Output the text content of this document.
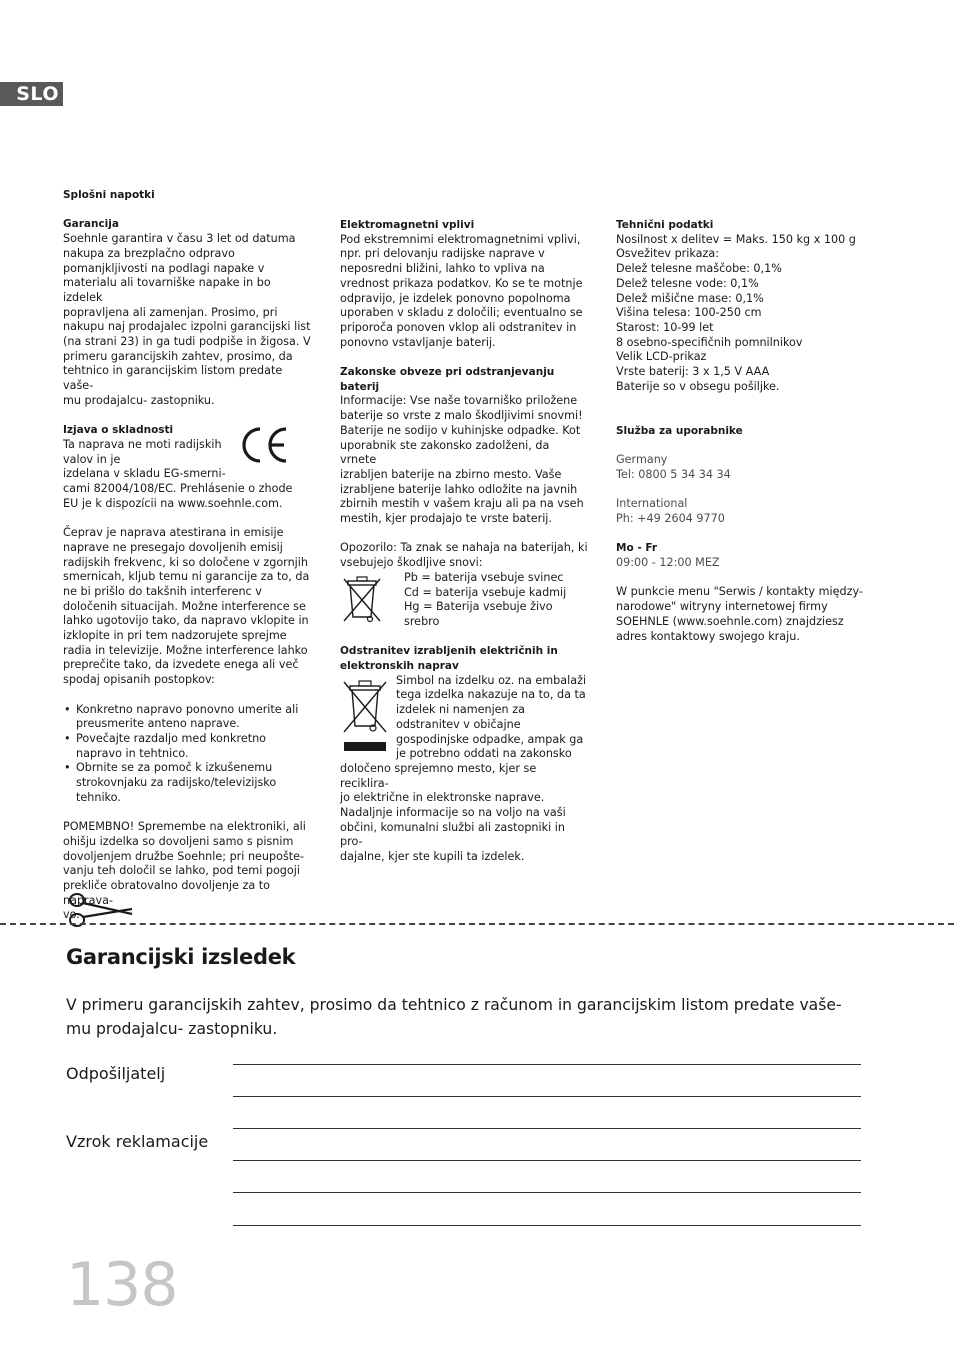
SLO

Splošni napotki

Garancija

Soehnle garantira v času 3 let od datuma

nakupa za brezplačno odpravo

pomanjkljivosti na podlagi napake v

materialu ali tovarniške napake in bo izdelek

popravljena ali zamenjan. Prosimo, pri

nakupu naj prodajalec izpolni garancijski list

(na strani 23) in ga tudi podpiše in žigosa. V

primeru garancijskih zahtev, prosimo, da

tehtnico in garancijskim listom predate vaše-

mu prodajalcu- zastopniku.

Izjava o skladnosti

Ta naprava ne moti radijskih

valov in je

izdelana v skladu EG-smerni-

cami 82004/108/EC. Prehlásenie o zhode

EU je k dispozícii na www.soehnle.com.

Čeprav je naprava atestirana in emisije

naprave ne presegajo dovoljenih emisij

radijskih frekvenc, ki so določene v zgornjih

smernicah, kljub temu ni garancije za to, da

ne bi prišlo do takšnih interferenc v

določenih situacijah. Možne interference se

lahko ugotovijo tako, da napravo vklopite in

izklopite in pri tem nadzorujete sprejme

radia in televizije. Možne interference lahko

preprečite tako, da izvedete enega ali več

spodaj opisanih postopkov:

• Konkretno napravo ponovno umerite ali

preusmerite anteno naprave.

• Povečajte razdaljo med konkretno

napravo in tehtnico.

• Obrnite se za pomoč k izkušenemu

strokovnjaku za radijsko/televizijsko

tehniko.

POMEMBNO! Spremembe na elektroniki, ali

ohišju izdelka so dovoljeni samo s pisnim

dovoljenjem družbe Soehnle; pri neupošte-

vanju teh določil se lahko, pod temi pogoji

prekliče obratovalno dovoljenje za to naprava-

vo.

Elektromagnetni vplivi

Pod ekstremnimi elektromagnetnimi vplivi,

npr. pri delovanju radijske naprave v

neposredni bližini, lahko to vpliva na

vrednost prikaza podatkov. Ko se te motnje

odpravijo, je izdelek ponovno popolnoma

uporaben v skladu z določili; eventualno se

priporoča ponoven vklop ali odstranitev in

ponovno vstavljanje baterij.

Zakonske obveze pri odstranjevanju baterij

Informacije: Vse naše tovarniško priložene

baterije so vrste z malo škodljivimi snovmi!

Baterije ne sodijo v kuhinjske odpadke. Kot

uporabnik ste zakonsko zadolženi, da vrnete

izrabljen baterije na zbirno mesto. Vaše

izrabljene baterije lahko odložite na javnih

zbirnih mestih v vašem kraju ali pa na vseh

mestih, kjer prodajajo te vrste baterij.

Opozorilo: Ta znak se nahaja na baterijah, ki

vsebujejo škodljive snovi:

Pb = baterija vsebuje svinec

Cd = baterija vsebuje kadmij

Hg = Baterija vsebuje živo srebro

Odstranitev izrabljenih električnih in

elektronskih naprav

Simbol na izdelku oz. na embalaži

tega izdelka nakazuje na to, da ta

izdelek ni namenjen za

odstranitev v običajne

gospodinjske odpadke, ampak ga

je potrebno oddati na zakonsko

določeno sprejemno mesto, kjer se reciklira-

jo električne in elektronske naprave.

Nadaljnje informacije so na voljo na vaši

občini, komunalni službi ali zastopniki in pro-

dajalne, kjer ste kupili ta izdelek.

Tehnični podatki

Nosilnost x delitev = Maks. 150 kg x 100 g

Osvežitev prikaza:

Delež telesne maščobe: 0,1%

Delež telesne vode: 0,1%

Delež mišične mase: 0,1%

Višina telesa: 100-250 cm

Starost: 10-99 let

8 osebno-specifičnih pomnilnikov

Velik LCD-prikaz

Vrste baterij: 3 x 1,5 V AAA

Baterije so v obsegu pošiljke.

Služba za uporabnike

Germany

Tel: 0800 5 34 34 34

International

Ph: +49 2604 9770

Mo - Fr

09:00 - 12:00 MEZ

W punkcie menu "Serwis / kontakty między-

narodowe" witryny internetowej firmy

SOEHNLE (www.soehnle.com) znajdziesz

adres kontaktowy swojego kraju.

Garancijski izsledek
V primeru garancijskih zahtev, prosimo da tehtnico z računom in garancijskim listom predate vaše-
mu prodajalcu- zastopniku.
Odpošiljatelj
Vzrok reklamacije
138
